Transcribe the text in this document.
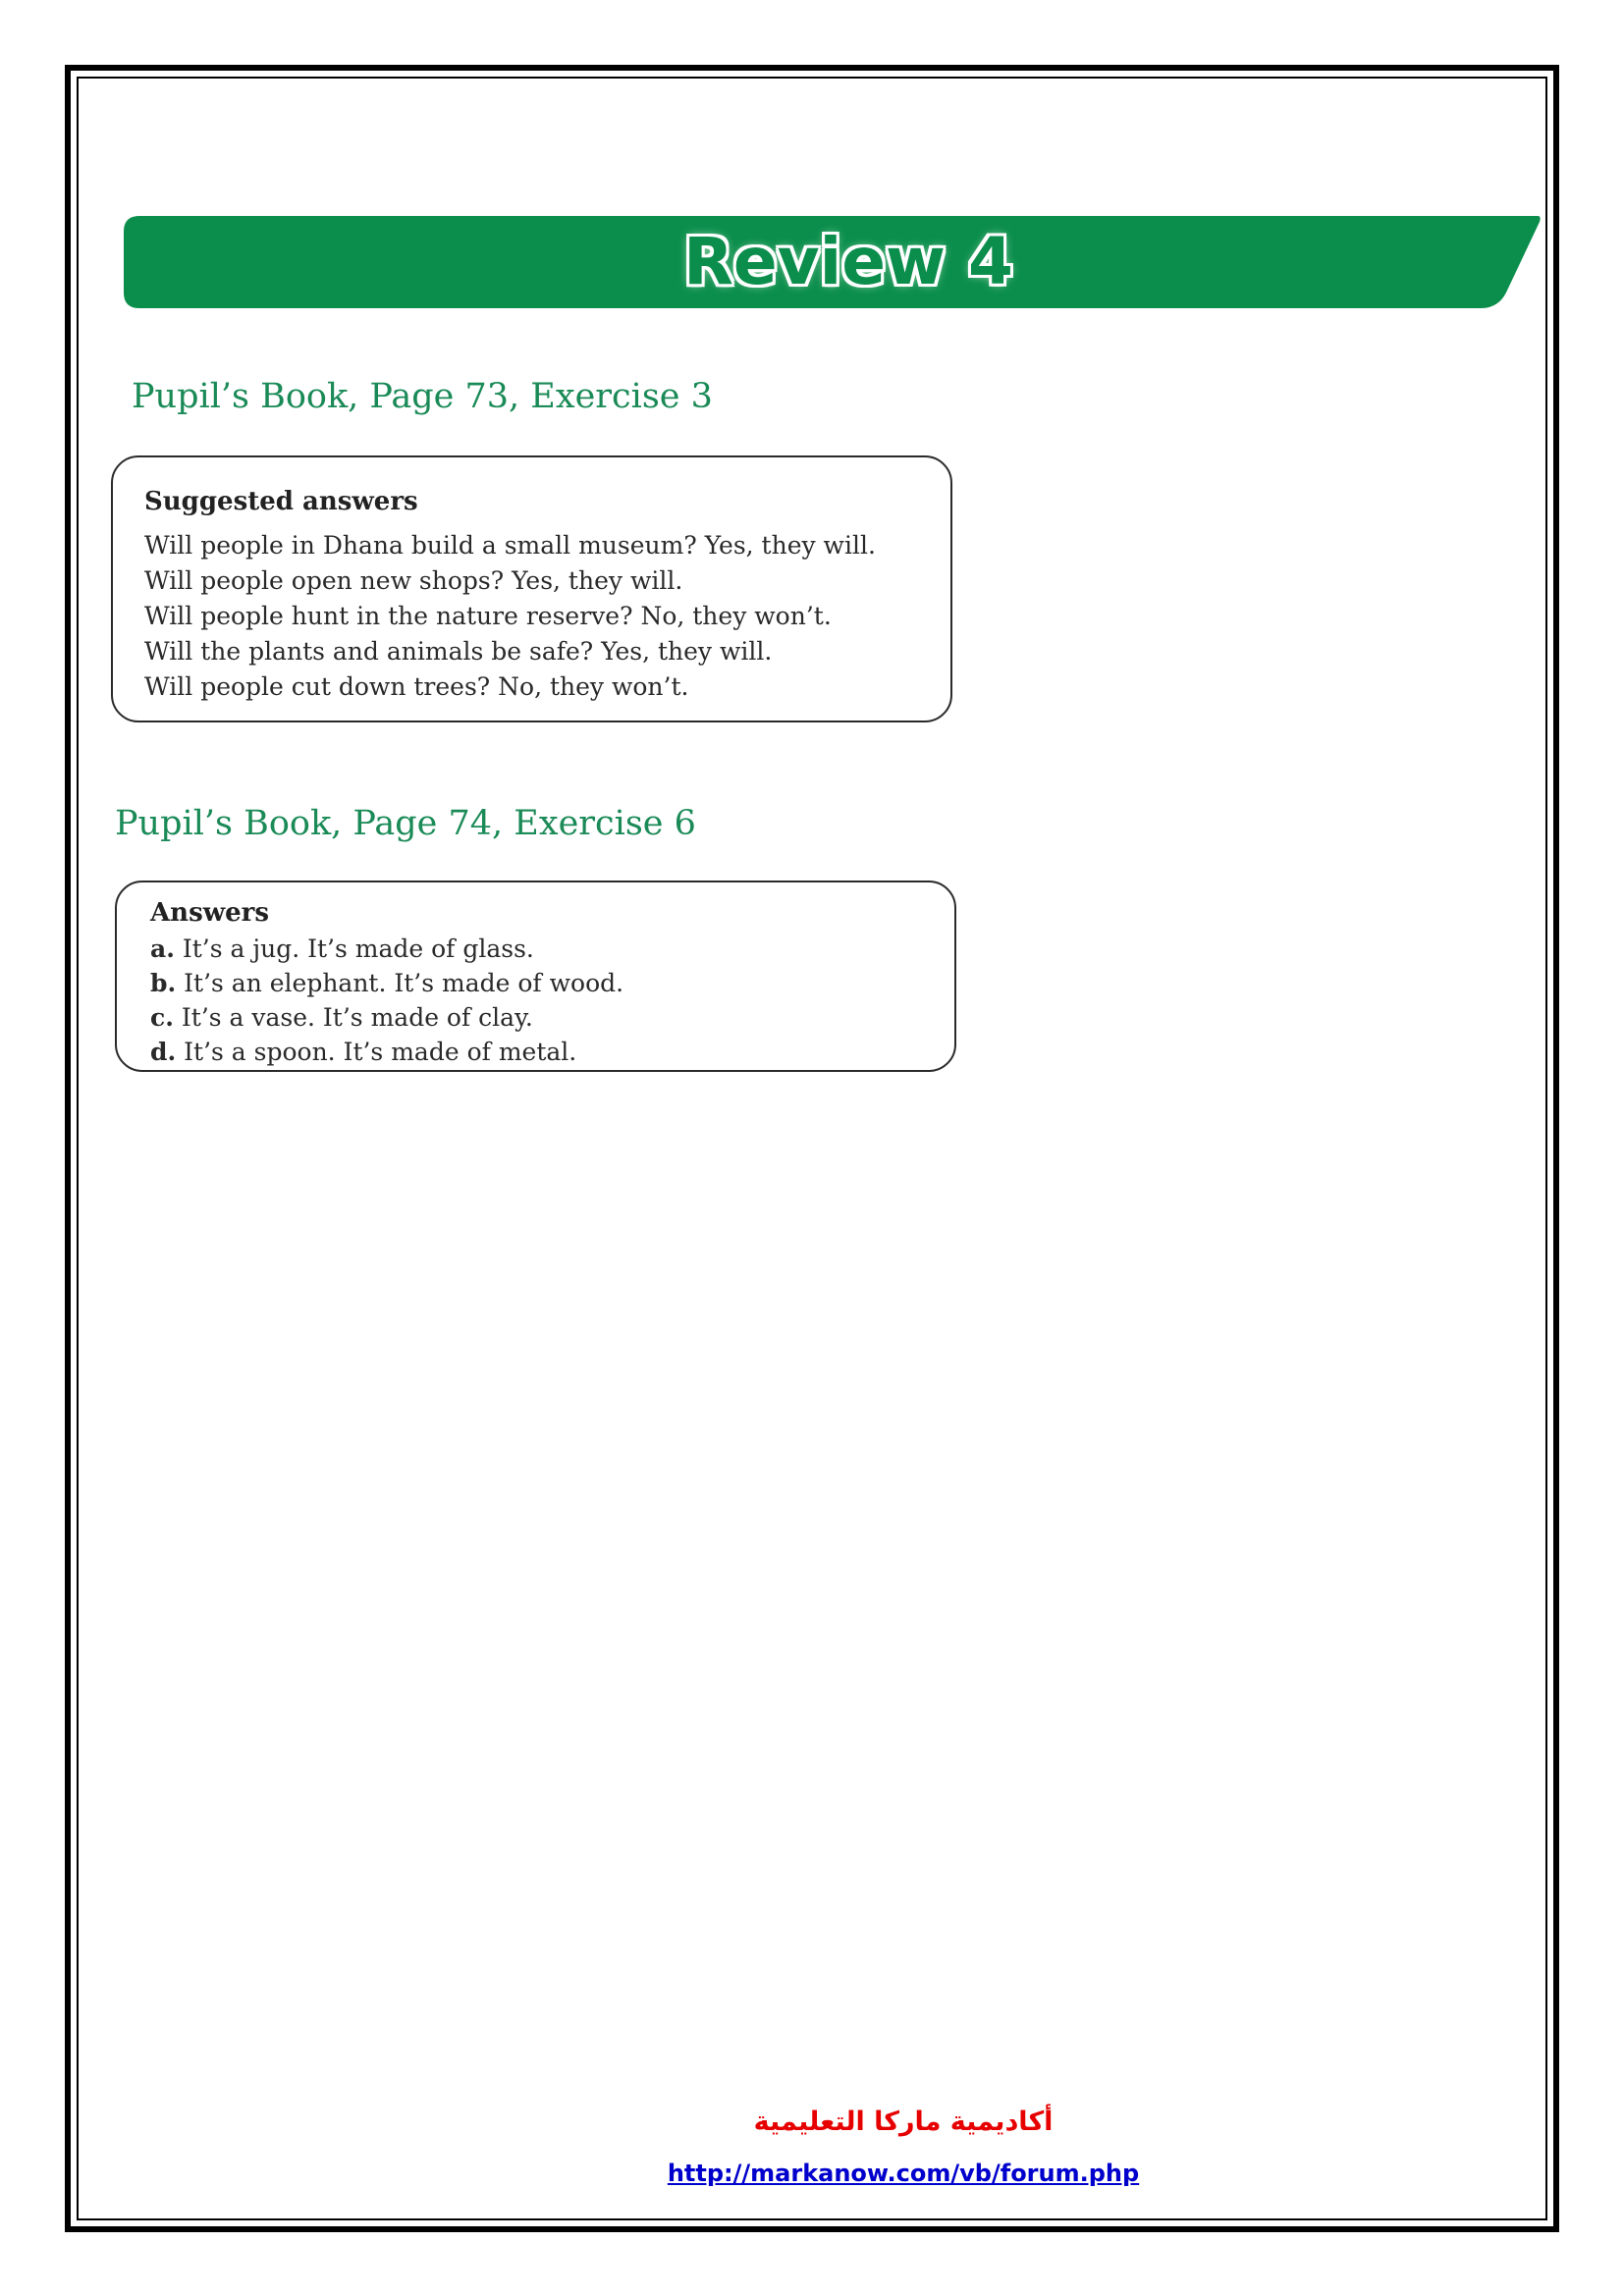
Review 4
Pupil’s Book, Page 73, Exercise 3
Suggested answers
Will people in Dhana build a small museum? Yes, they will.
Will people open new shops? Yes, they will.
Will people hunt in the nature reserve? No, they won’t.
Will the plants and animals be safe? Yes, they will.
Will people cut down trees? No, they won’t.
Pupil’s Book, Page 74, Exercise 6
Answers
a. It’s a jug. It’s made of glass.
b. It’s an elephant. It’s made of wood.
c. It’s a vase. It’s made of clay.
d. It’s a spoon. It’s made of metal.
أكاديمية ماركا التعليمية
http://markanow.com/vb/forum.php
